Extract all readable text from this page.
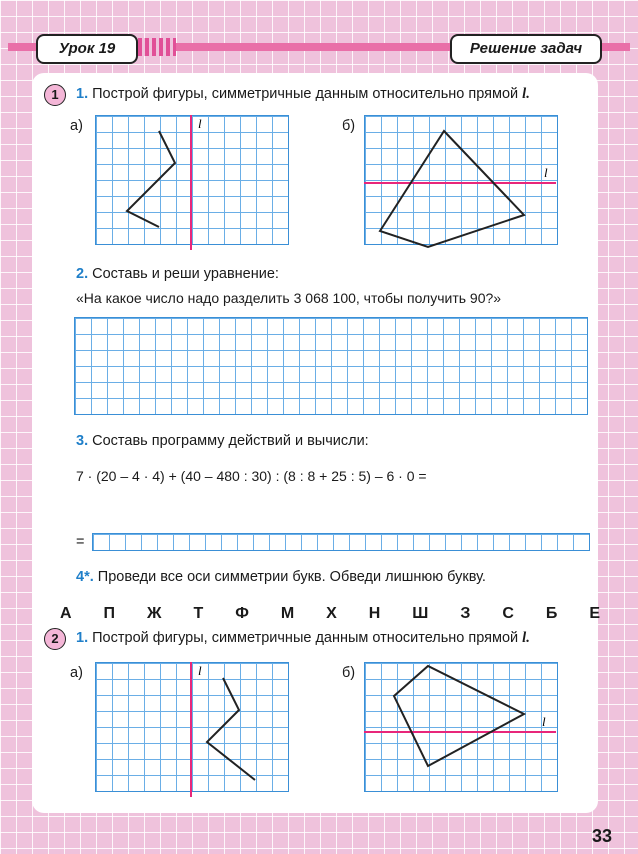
Урок 19	Решение задач
1	1. Построй фигуры, симметричные данным относительно прямой l.
а)	l	б)
l
2. Составь и реши уравнение:
«На какое число надо разделить 3 068 100, чтобы получить 90?»
3. Составь программу действий и вычисли:
7 · (20 – 4 · 4) + (40 – 480 : 30) : (8 : 8 + 25 : 5) – 6 · 0 =
=
4*. Проведи все оси симметрии букв. Обведи лишнюю букву.
А П Ж Т Ф М Х Н Ш З С Б Е
2	1. Построй фигуры, симметричные данным относительно прямой l.
а)	l	б)
l
33
